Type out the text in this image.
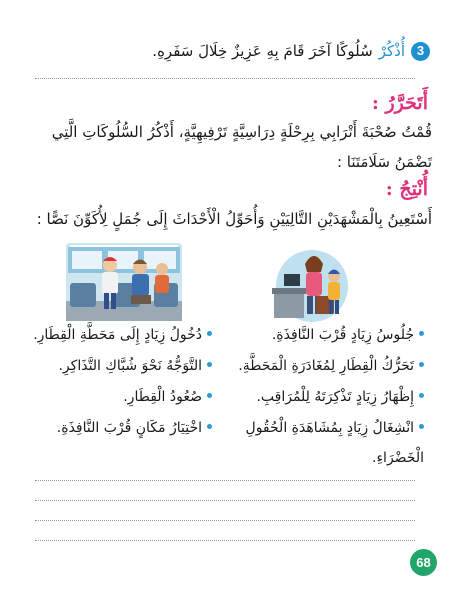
3
أُذْكُرْ
سُلُوكًا آخَرَ قَامَ بِهِ عَزِيزٌ خِلَالَ سَفَرِهِ.
أَتَحَرَّرُ :
قُمْتُ صُحْبَةَ أَتْرَابِي بِرِحْلَةٍ دِرَاسِيَّةٍ تَرْفِيهِيَّةٍ، أَذْكُرُ السُّلُوكَاتِ الَّتِي
تَضْمَنُ سَلَامَتَنَا :
أُنْتِجُ :
أَسْتَعِينُ بِالْمَشْهَدَيْنِ التَّالِيَيْنِ وَأُحَوِّلُ الْأَحْدَاثَ إِلَى جُمَلٍ لِأُكَوِّنَ نَصًّا :
جُلُوسُ زِيَادٍ قُرْبَ النَّافِذَةِ.
تَحَرُّكُ الْقِطَارِ لِمُغَادَرَةِ الْمَحَطَّةِ.
إِظْهَارُ زِيَادٍ تَذْكِرَتَهُ لِلْمُرَاقِبِ.
انْشِغَالُ زِيَادٍ بِمُشَاهَدَةِ الْحُقُولِ
الْخَضْرَاءِ.
دُخُولُ زِيَادٍ إِلَى مَحَطَّةِ الْقِطَارِ.
التَّوَجُّهُ نَحْوَ شُبَّاكِ التَّذَاكِرِ.
صُعُودُ الْقِطَارِ.
اخْتِيَارُ مَكَانٍ قُرْبَ النَّافِذَةِ.
68
